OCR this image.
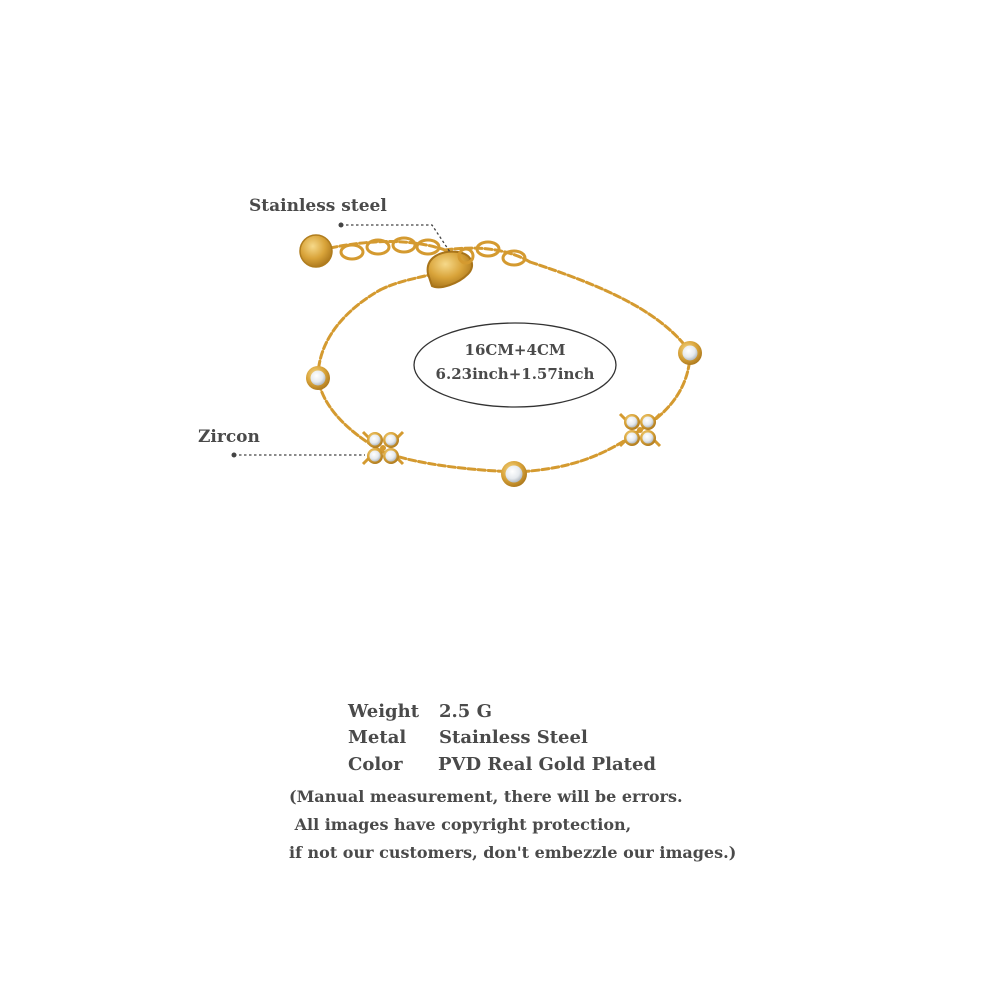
Stainless steel
Zircon
16CM+4CM
6.23inch+1.57inch
Weight 2.5 G
Metal Stainless Steel
Color PVD Real Gold Plated
(Manual measurement, there will be errors.
All images have copyright protection,
if not our customers, don't embezzle our images.)
